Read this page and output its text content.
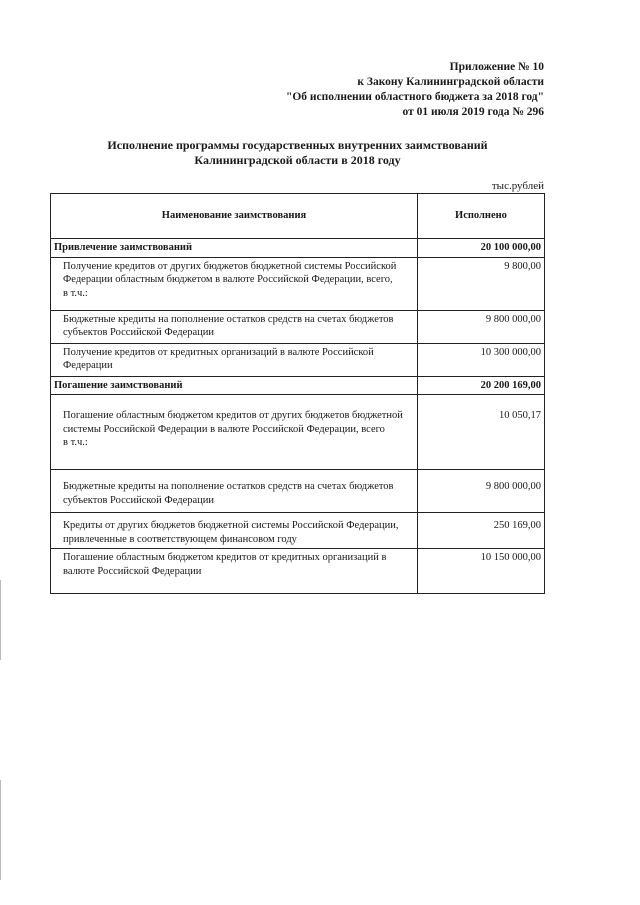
Приложение № 10
к Закону Калининградской области
"Об исполнении областного бюджета за 2018 год"
от 01 июля 2019 года № 296
Исполнение программы государственных внутренних заимствований
Калининградской области в 2018 году
тыс.рублей
Наименование заимствования	Исполнено
Привлечение заимствований	20 100 000,00

Получение кредитов от других бюджетов бюджетной системы Российской Федерации областным бюджетом в валюте Российской Федерации, всего,
в т.ч.:	9 800,00
Бюджетные кредиты на пополнение остатков средств на счетах бюджетов субъектов Российской Федерации	9 800 000,00
Получение кредитов от кредитных организаций в валюте Российской Федерации	10 300 000,00
Погашение заимствований	20 200 169,00

Погашение областным бюджетом кредитов от других бюджетов бюджетной системы Российской Федерации в валюте Российской Федерации, всего
в т.ч.:	10 050,17
Бюджетные кредиты на пополнение остатков средств на счетах бюджетов субъектов Российской Федерации	9 800 000,00
Кредиты от других бюджетов бюджетной системы Российской Федерации, привлеченные в соответствующем финансовом году	250 169,00
Погашение областным бюджетом кредитов от кредитных организаций в валюте Российской Федерации	10 150 000,00
